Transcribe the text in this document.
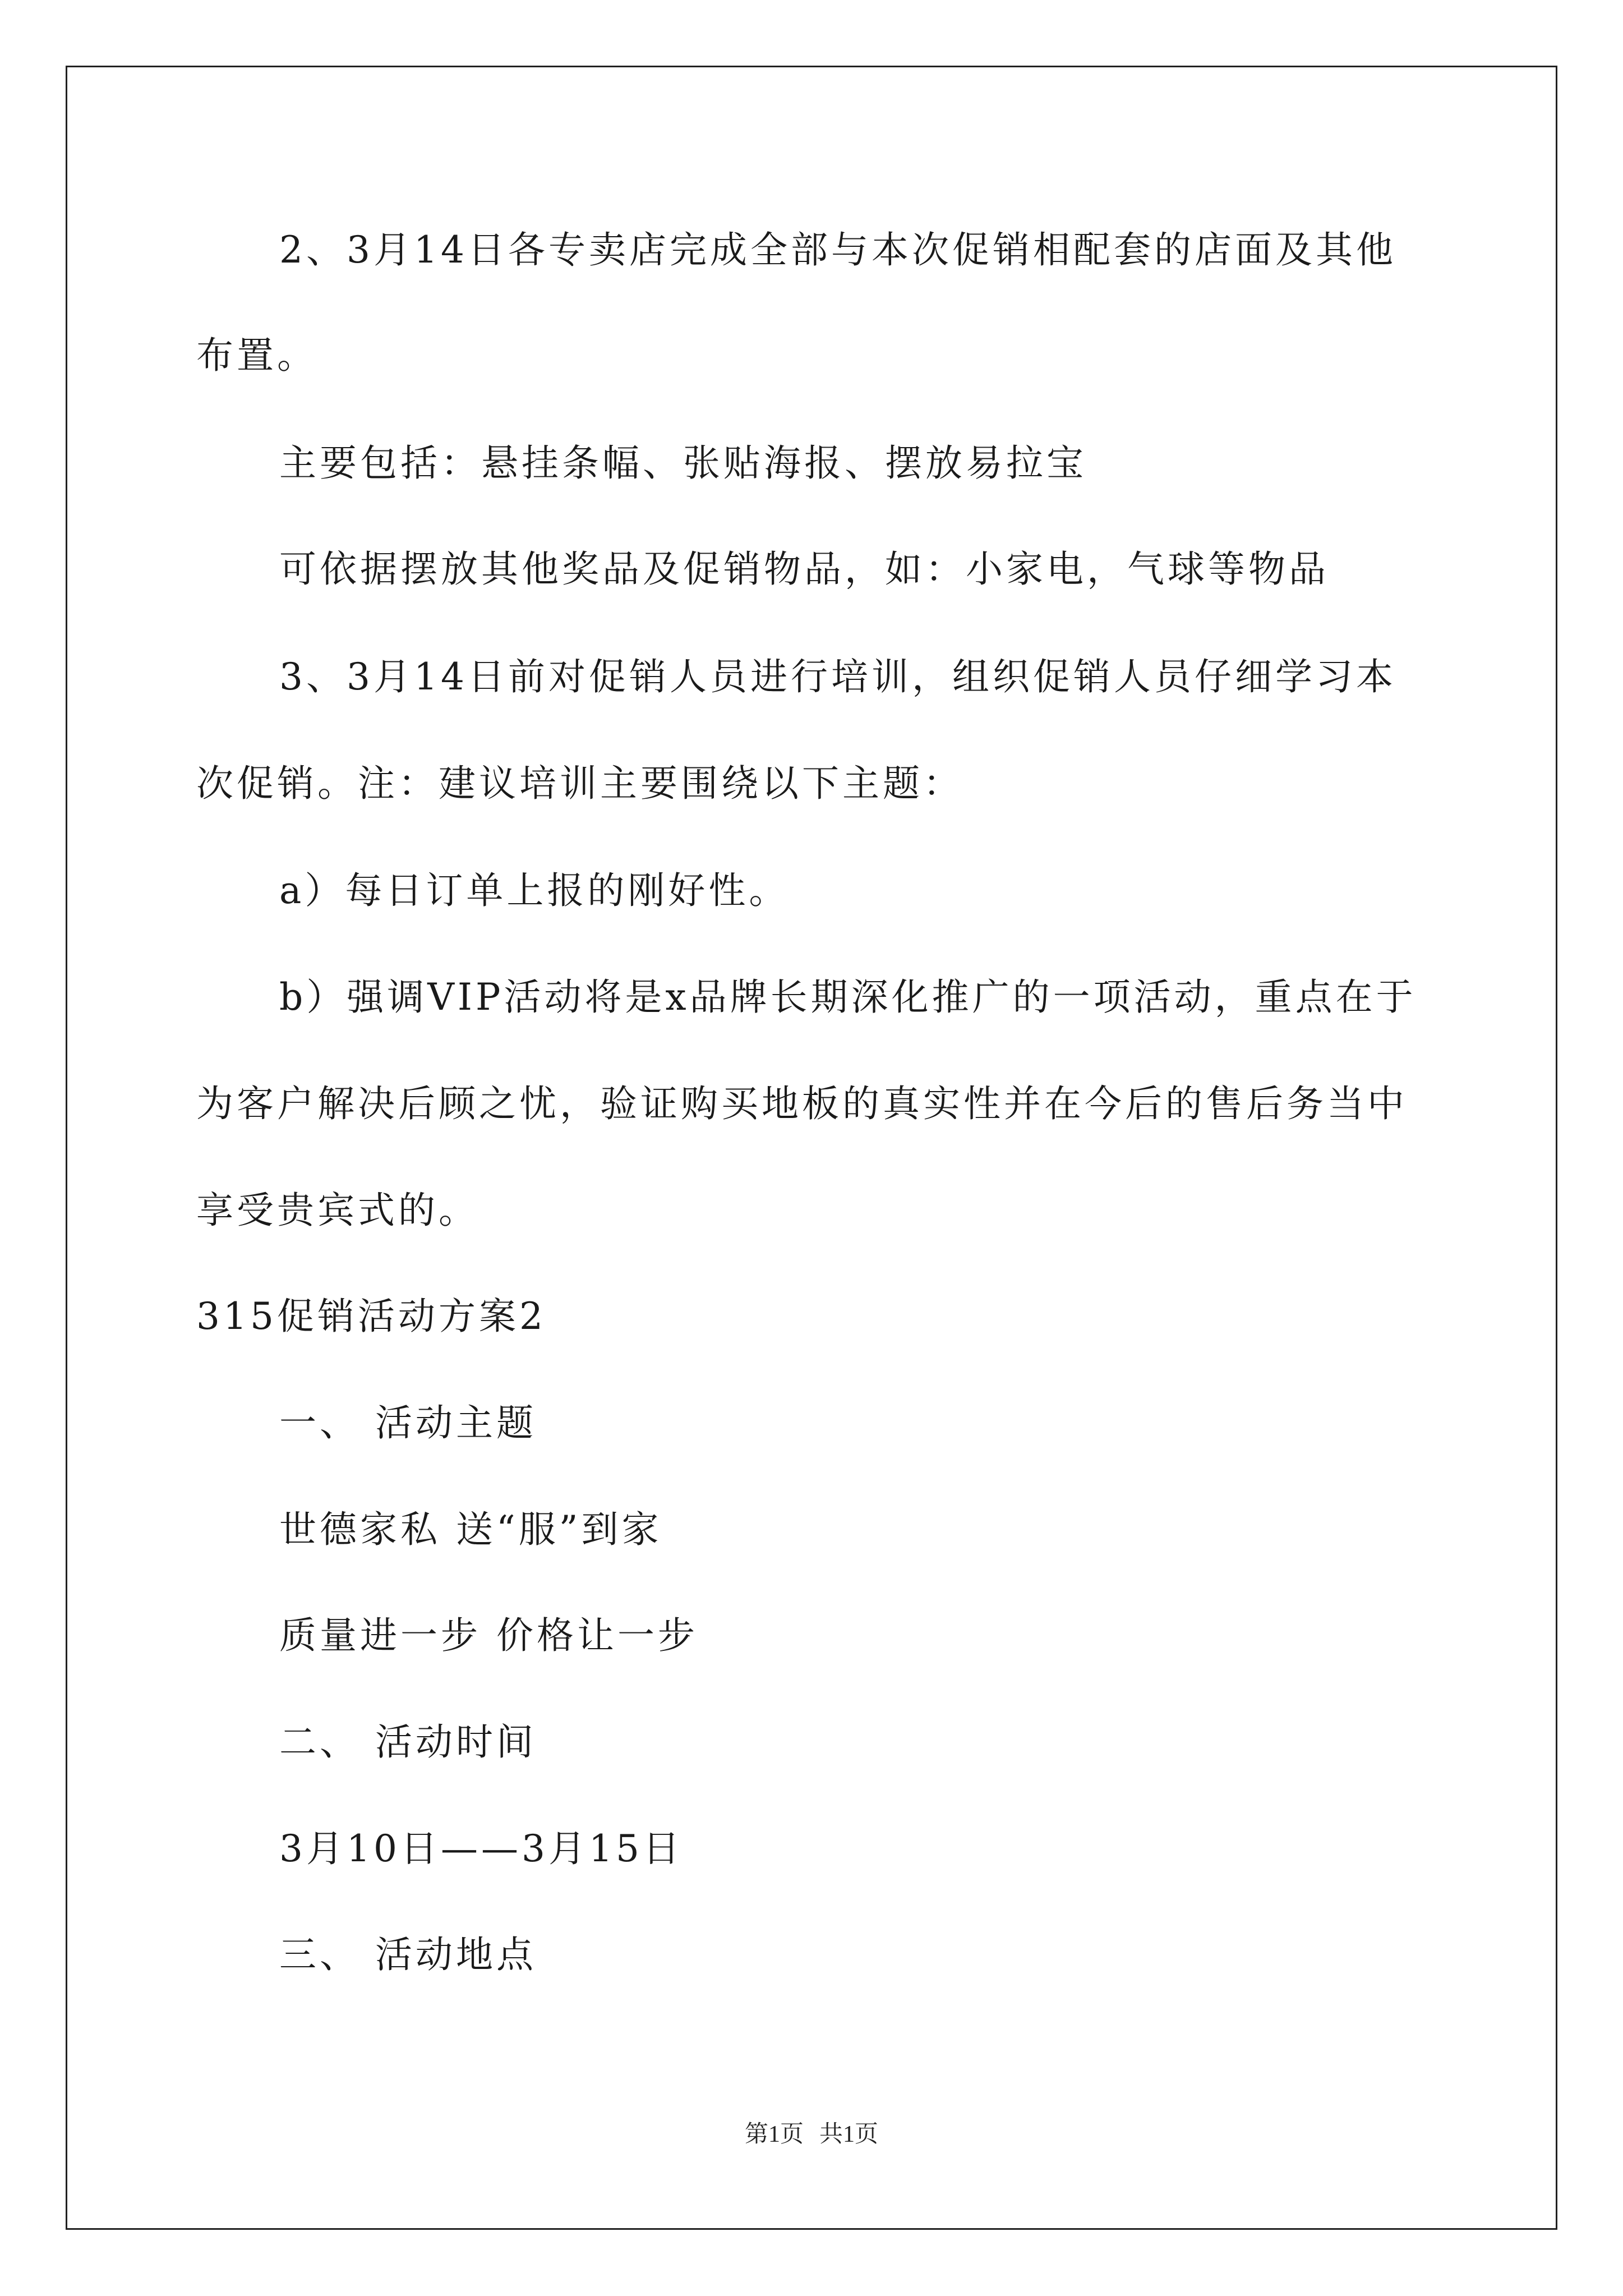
2、3月14日各专卖店完成全部与本次促销相配套的店面及其他

布置。

主要包括：悬挂条幅、张贴海报、摆放易拉宝

可依据摆放其他奖品及促销物品，如：小家电，气球等物品

3、3月14日前对促销人员进行培训，组织促销人员仔细学习本

次促销。注：建议培训主要围绕以下主题：

a）每日订单上报的刚好性。

b）强调VIP活动将是x品牌长期深化推广的一项活动，重点在于

为客户解决后顾之忧，验证购买地板的真实性并在今后的售后务当中

享受贵宾式的。

315促销活动方案2

一、 活动主题

世德家私 送“服”到家

质量进一步 价格让一步

二、 活动时间

3月10日——3月15日

三、 活动地点

第1页 共1页
